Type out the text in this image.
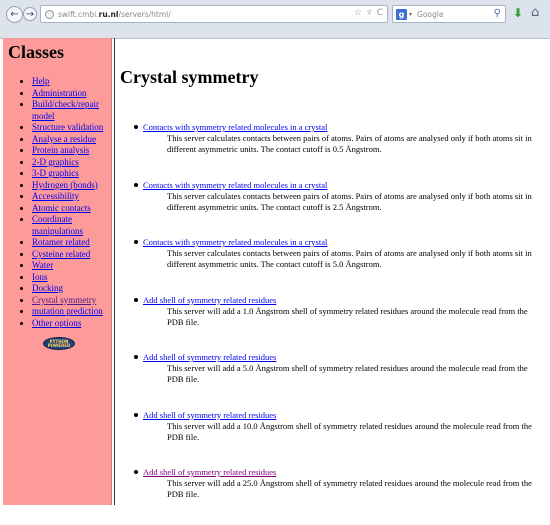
← →	swift.cmbi.ru.nl/servers/html/	☆ ▿ C	g ▾ Google	⚲ ⬇ ⌂
Classes
• Help
• Administration
• Build/check/repair model
• Structure validation
• Analyse a residue
• Protein analysis
• 2-D graphics
• 3-D graphics
• Hydrogen (bonds)
• Accessibility
• Atomic contacts
• Coordinate manipulations
• Rotamer related
• Cysteine related
• Water
• Ions
• Docking
• Crystal symmetry
• mutation prediction
• Other options
PYTHON
POWERED
Crystal symmetry
Contacts with symmetry related molecules in a crystal
This server calculates contacts between pairs of atoms. Pairs of atoms are analysed only if both atoms sit in different asymmetric units. The contact cutoff is 0.5 Ångstrom.
Contacts with symmetry related molecules in a crystal
This server calculates contacts between pairs of atoms. Pairs of atoms are analysed only if both atoms sit in different asymmetric units. The contact cutoff is 2.5 Ångstrom.
Contacts with symmetry related molecules in a crystal
This server calculates contacts between pairs of atoms. Pairs of atoms are analysed only if both atoms sit in different asymmetric units. The contact cutoff is 5.0 Ångstrom.
Add shell of symmetry related residues
This server will add a 1.0 Ångstrom shell of symmetry related residues around the molecule read from the PDB file.
Add shell of symmetry related residues
This server will add a 5.0 Ångstrom shell of symmetry related residues around the molecule read from the PDB file.
Add shell of symmetry related residues
This server will add a 10.0 Ångstrom shell of symmetry related residues around the molecule read from the PDB file.
Add shell of symmetry related residues
This server will add a 25.0 Ångstrom shell of symmetry related residues around the molecule read from the PDB file.
